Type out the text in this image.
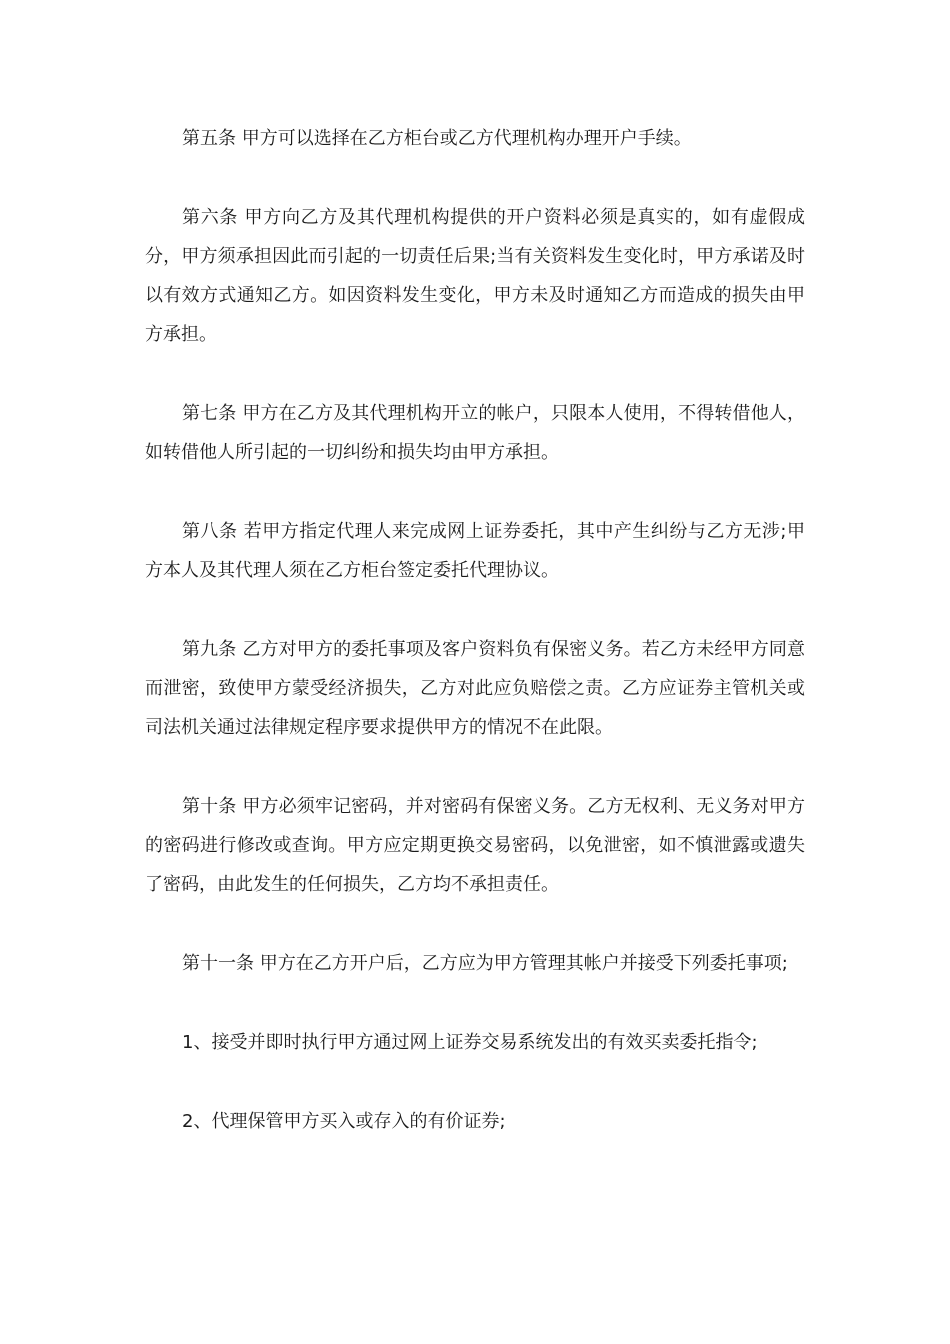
第五条 甲方可以选择在乙方柜台或乙方代理机构办理开户手续。

第六条 甲方向乙方及其代理机构提供的开户资料必须是真实的，如有虚假成分，甲方须承担因此而引起的一切责任后果;当有关资料发生变化时，甲方承诺及时以有效方式通知乙方。如因资料发生变化，甲方未及时通知乙方而造成的损失由甲方承担。

第七条 甲方在乙方及其代理机构开立的帐户，只限本人使用，不得转借他人，如转借他人所引起的一切纠纷和损失均由甲方承担。

第八条 若甲方指定代理人来完成网上证券委托，其中产生纠纷与乙方无涉;甲方本人及其代理人须在乙方柜台签定委托代理协议。

第九条 乙方对甲方的委托事项及客户资料负有保密义务。若乙方未经甲方同意而泄密，致使甲方蒙受经济损失，乙方对此应负赔偿之责。乙方应证券主管机关或司法机关通过法律规定程序要求提供甲方的情况不在此限。

第十条 甲方必须牢记密码，并对密码有保密义务。乙方无权利、无义务对甲方的密码进行修改或查询。甲方应定期更换交易密码，以免泄密，如不慎泄露或遗失了密码，由此发生的任何损失，乙方均不承担责任。

第十一条 甲方在乙方开户后，乙方应为甲方管理其帐户并接受下列委托事项;

1、接受并即时执行甲方通过网上证券交易系统发出的有效买卖委托指令;

2、代理保管甲方买入或存入的有价证券;
